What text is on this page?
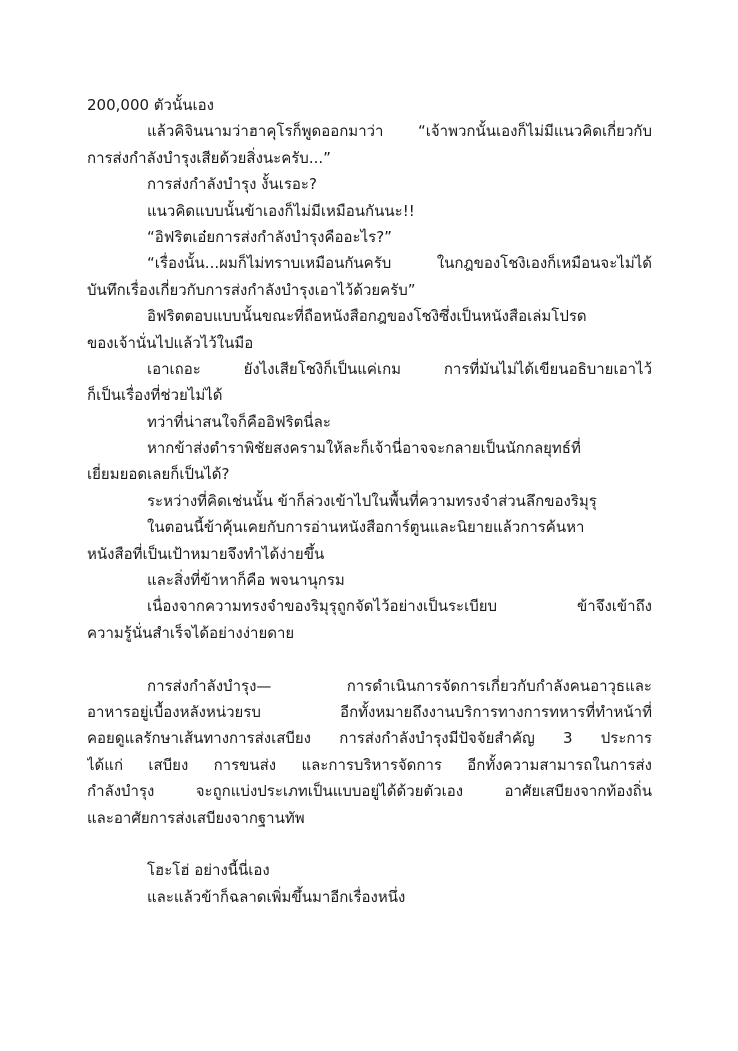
200,000 ตัวนั้นเอง
แล้วคิจินนามว่าฮาคุโรก็พูดออกมาว่า “เจ้าพวกนั้นเองก็ไม่มีแนวคิดเกี่ยวกับ
การส่งกำลังบำรุงเสียด้วยสิ่งนะครับ...”
การส่งกำลังบำรุง งั้นเรอะ?
แนวคิดแบบนั้นข้าเองก็ไม่มีเหมือนกันนะ!!
“อิฟริตเอ๋ยการส่งกำลังบำรุงคืออะไร?”
“เรื่องนั้น...ผมก็ไม่ทราบเหมือนกันครับ ในกฎของโชงิเองก็เหมือนจะไม่ได้
บันทึกเรื่องเกี่ยวกับการส่งกำลังบำรุงเอาไว้ด้วยครับ”
อิฟริตตอบแบบนั้นขณะที่ถือหนังสือกฎของโชงิซึ่งเป็นหนังสือเล่มโปรด
ของเจ้านั่นไปแล้วไว้ในมือ
เอาเถอะ ยังไงเสียโชงิก็เป็นแค่เกม การที่มันไม่ได้เขียนอธิบายเอาไว้
ก็เป็นเรื่องที่ช่วยไม่ได้
ทว่าที่น่าสนใจก็คืออิฟริตนี่ละ
หากข้าส่งตำราพิชัยสงครามให้ละก็เจ้านี่อาจจะกลายเป็นนักกลยุทธ์ที่
เยี่ยมยอดเลยก็เป็นได้?
ระหว่างที่คิดเช่นนั้น ข้าก็ล่วงเข้าไปในพื้นที่ความทรงจำส่วนลึกของริมุรุ
ในตอนนี้ข้าคุ้นเคยกับการอ่านหนังสือการ์ตูนและนิยายแล้วการค้นหา
หนังสือที่เป็นเป้าหมายจึงทำได้ง่ายขึ้น
และสิ่งที่ข้าหาก็คือ พจนานุกรม
เนื่องจากความทรงจำของริมุรุถูกจัดไว้อย่างเป็นระเบียบ ข้าจึงเข้าถึง
ความรู้นั่นสำเร็จได้อย่างง่ายดาย
การส่งกำลังบำรุง— การดำเนินการจัดการเกี่ยวกับกำลังคนอาวุธและ
อาหารอยู่เบื้องหลังหน่วยรบ อีกทั้งหมายถึงงานบริการทางการทหารที่ทำหน้าที่
คอยดูแลรักษาเส้นทางการส่งเสบียง การส่งกำลังบำรุงมีปัจจัยสำคัญ 3 ประการ
ได้แก่ เสบียง การขนส่ง และการบริหารจัดการ อีกทั้งความสามารถในการส่ง
กำลังบำรุง จะถูกแบ่งประเภทเป็นแบบอยู่ได้ด้วยตัวเอง อาศัยเสบียงจากท้องถิ่น
และอาศัยการส่งเสบียงจากฐานทัพ
โฮะโฮ่ อย่างนี้นี่เอง
และแล้วข้าก็ฉลาดเพิ่มขึ้นมาอีกเรื่องหนึ่ง
